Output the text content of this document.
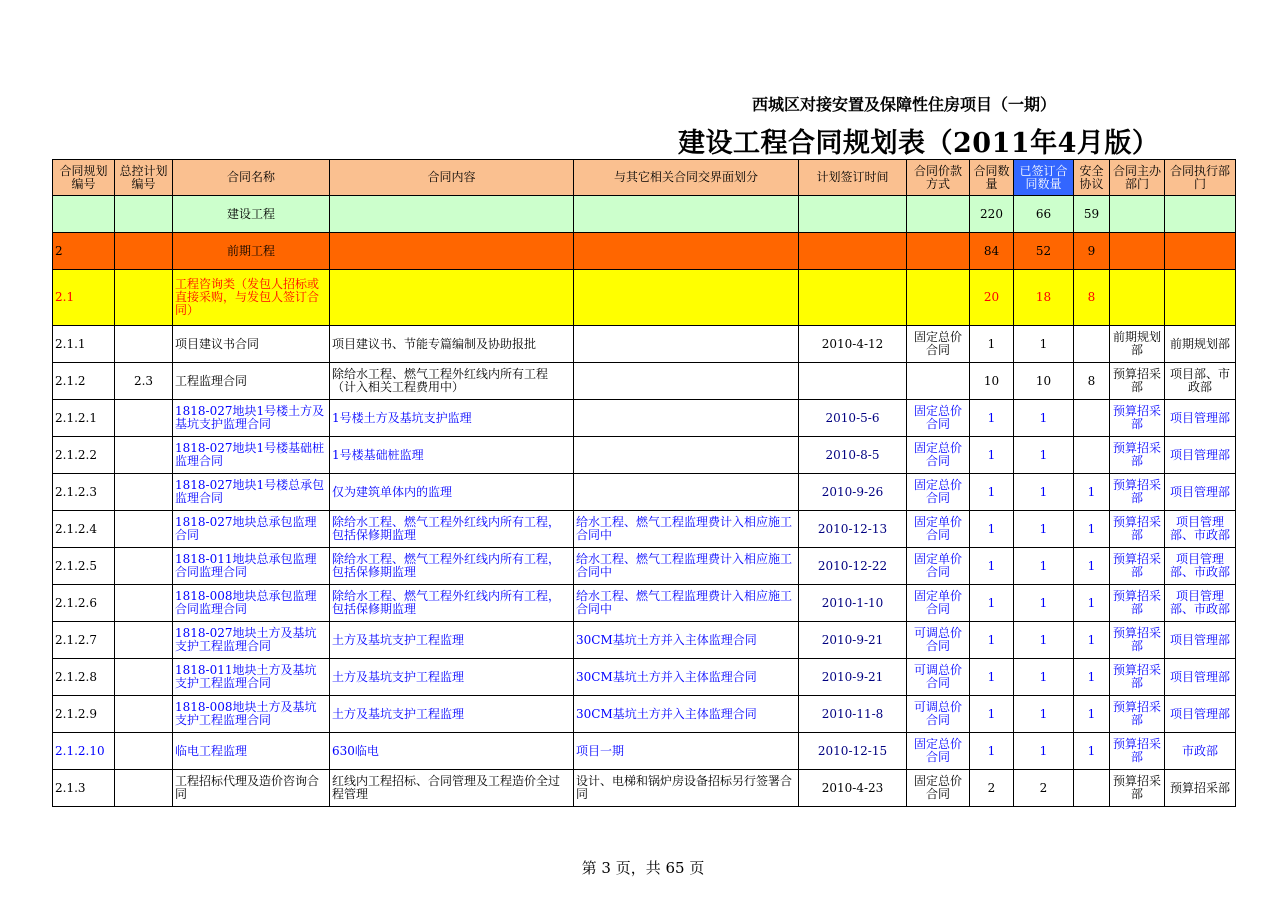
西城区对接安置及保障性住房项目（一期）
建设工程合同规划表（2011年4月版）
合同规划编号	总控计划编号	合同名称	合同内容	与其它相关合同交界面划分	计划签订时间	合同价款方式	合同数量	已签订合同数量	安全协议	合同主办部门	合同执行部门
		建设工程					220	66	59		
2		前期工程					84	52	9		
2.1		工程咨询类（发包人招标或直接采购，与发包人签订合同）					20	18	8		
2.1.1		项目建议书合同	项目建议书、节能专篇编制及协助报批		2010-4-12	固定总价合同	1	1		前期规划部	前期规划部
2.1.2	2.3	工程监理合同	除给水工程、燃气工程外红线内所有工程（计入相关工程费用中）				10	10	8	预算招采部	项目部、市政部
2.1.2.1		1818-027地块1号楼土方及基坑支护监理合同	1号楼土方及基坑支护监理		2010-5-6	固定总价合同	1	1		预算招采部	项目管理部
2.1.2.2		1818-027地块1号楼基础桩监理合同	1号楼基础桩监理		2010-8-5	固定总价合同	1	1		预算招采部	项目管理部
2.1.2.3		1818-027地块1号楼总承包监理合同	仅为建筑单体内的监理		2010-9-26	固定总价合同	1	1	1	预算招采部	项目管理部
2.1.2.4		1818-027地块总承包监理合同	除给水工程、燃气工程外红线内所有工程，包括保修期监理	给水工程、燃气工程监理费计入相应施工合同中	2010-12-13	固定单价合同	1	1	1	预算招采部	项目管理部、市政部
2.1.2.5		1818-011地块总承包监理合同监理合同	除给水工程、燃气工程外红线内所有工程，包括保修期监理	给水工程、燃气工程监理费计入相应施工合同中	2010-12-22	固定单价合同	1	1	1	预算招采部	项目管理部、市政部
2.1.2.6		1818-008地块总承包监理合同监理合同	除给水工程、燃气工程外红线内所有工程，包括保修期监理	给水工程、燃气工程监理费计入相应施工合同中	2010-1-10	固定单价合同	1	1	1	预算招采部	项目管理部、市政部
2.1.2.7		1818-027地块土方及基坑支护工程监理合同	土方及基坑支护工程监理	30CM基坑土方并入主体监理合同	2010-9-21	可调总价合同	1	1	1	预算招采部	项目管理部
2.1.2.8		1818-011地块土方及基坑支护工程监理合同	土方及基坑支护工程监理	30CM基坑土方并入主体监理合同	2010-9-21	可调总价合同	1	1	1	预算招采部	项目管理部
2.1.2.9		1818-008地块土方及基坑支护工程监理合同	土方及基坑支护工程监理	30CM基坑土方并入主体监理合同	2010-11-8	可调总价合同	1	1	1	预算招采部	项目管理部
2.1.2.10		临电工程监理	630临电	项目一期	2010-12-15	固定总价合同	1	1	1	预算招采部	市政部
2.1.3		工程招标代理及造价咨询合同	红线内工程招标、合同管理及工程造价全过程管理	设计、电梯和锅炉房设备招标另行签署合同	2010-4-23	固定总价合同	2	2		预算招采部	预算招采部
第 3 页，共 65 页
